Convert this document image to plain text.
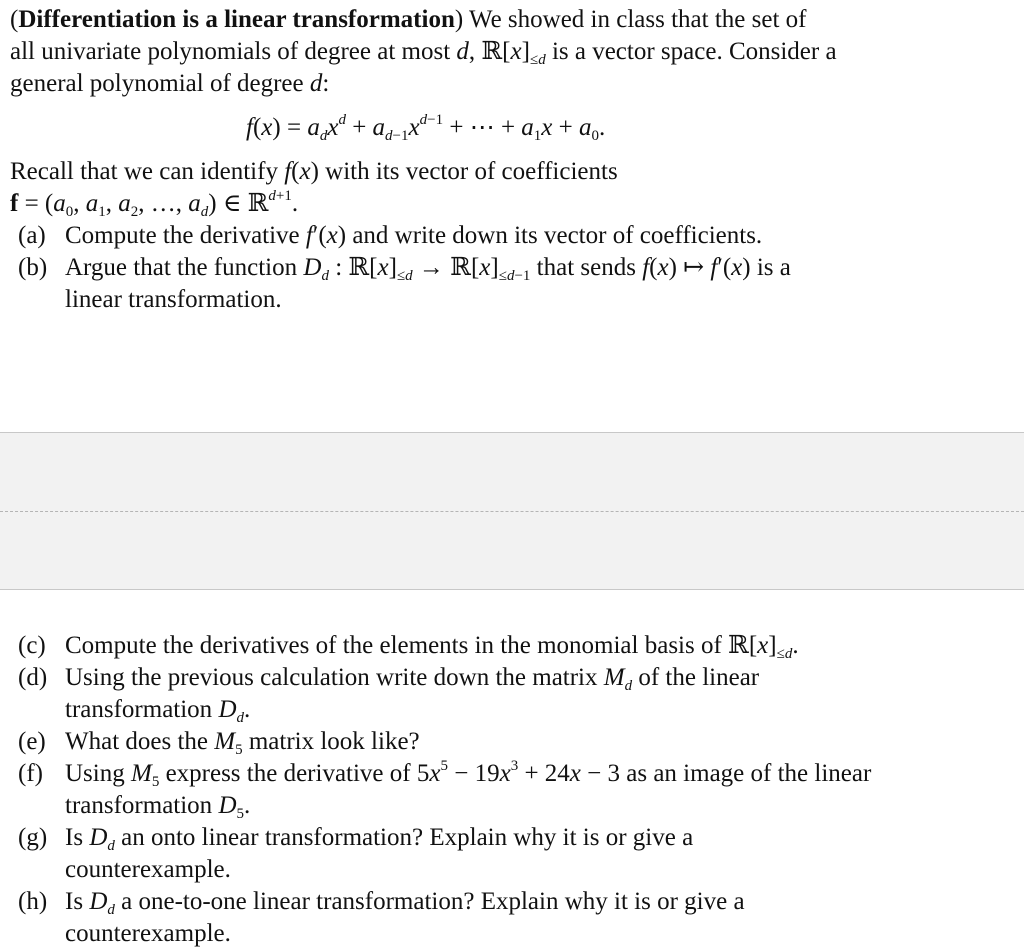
(Differentiation is a linear transformation) We showed in class that the set of
all univariate polynomials of degree at most d, $ℝ[x]_{\le d}$ is a vector space. Consider a
general polynomial of degree d:
$f(x) = a_dx^d + a_{d-1}x^{d-1}$ + ⋯ + $a_1x + a_0$.
Recall that we can identify f(x) with its vector of coefficients
$f = (a_0$, $a_1$, $a_2$, …, $a_d$) ∈ ℝ$^{d+1}$.
(a) Compute the derivative f′(x) and write down its vector of coefficients.
(b) Argue that the function $D_d$ : $ℝ[x]_{\le d}$ → $ℝ[x]_{\le d-1}$ that sends f(x) ↦ f′(x) is a
linear transformation.
(c) Compute the derivatives of the elements in the monomial basis of $ℝ[x]_{\le d}$.
(d) Using the previous calculation write down the matrix $M_d$ of the linear
transformation $D_d$.
(e) What does the $M_5$ matrix look like?
(f) Using $M_5$ express the derivative of $5x^5 - 19x^3 + 24x - 3$ as an image of the linear
transformation $D_5$.
(g) Is $D_d$ an onto linear transformation? Explain why it is or give a
counterexample.
(h) Is $D_d$ a one-to-one linear transformation? Explain why it is or give a
counterexample.
